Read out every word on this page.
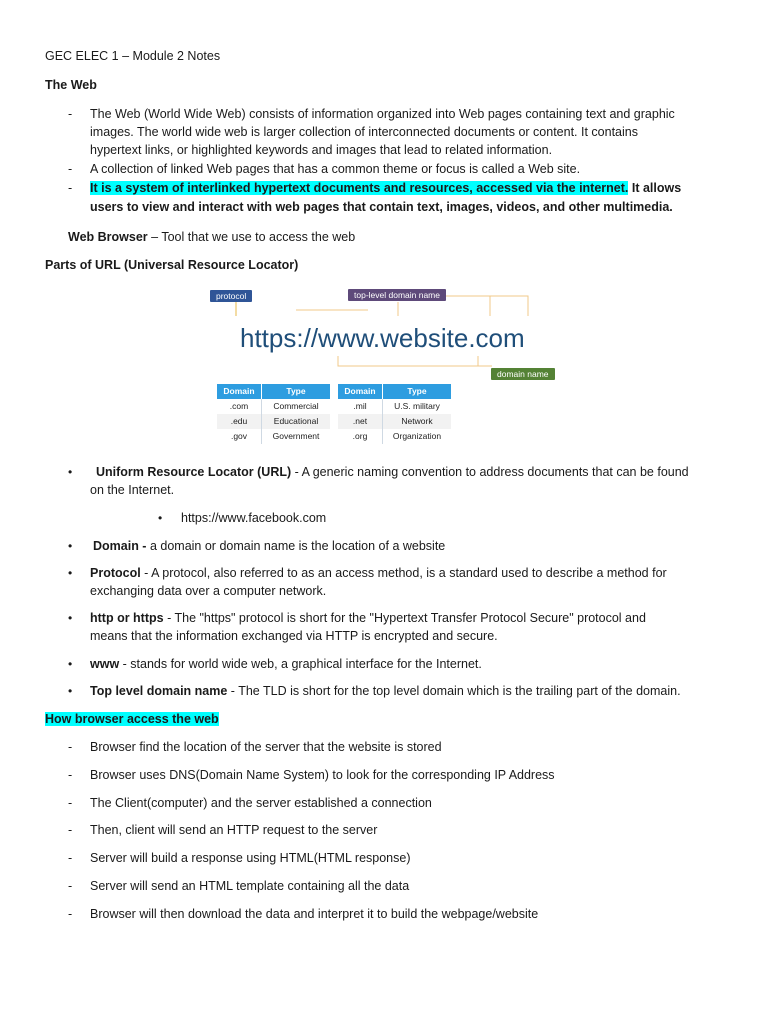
GEC ELEC 1 – Module 2 Notes
The Web
- The Web (World Wide Web) consists of information organized into Web pages containing text and graphic
images. The world wide web is larger collection of interconnected documents or content. It contains
hypertext links, or highlighted keywords and images that lead to related information.
- A collection of linked Web pages that has a common theme or focus is called a Web site.
- It is a system of interlinked hypertext documents and resources, accessed via the internet. It allows
users to view and interact with web pages that contain text, images, videos, and other multimedia.
Web Browser – Tool that we use to access the web
Parts of URL (Universal Resource Locator)
protocol	top-level domain name
https://www.website.com
domain name
Domain	Type
.com	Commercial
.edu	Educational
.gov	Government
Domain	Type
.mil	U.S. military
.net	Network
.org	Organization
• Uniform Resource Locator (URL) - A generic naming convention to address documents that can be found
on the Internet.
• https://www.facebook.com
• Domain - a domain or domain name is the location of a website
• Protocol - A protocol, also referred to as an access method, is a standard used to describe a method for
exchanging data over a computer network.
• http or https - The "https" protocol is short for the "Hypertext Transfer Protocol Secure" protocol and
means that the information exchanged via HTTP is encrypted and secure.
• www - stands for world wide web, a graphical interface for the Internet.
• Top level domain name - The TLD is short for the top level domain which is the trailing part of the domain.
How browser access the web
- Browser find the location of the server that the website is stored
- Browser uses DNS(Domain Name System) to look for the corresponding IP Address
- The Client(computer) and the server established a connection
- Then, client will send an HTTP request to the server
- Server will build a response using HTML(HTML response)
- Server will send an HTML template containing all the data
- Browser will then download the data and interpret it to build the webpage/website
